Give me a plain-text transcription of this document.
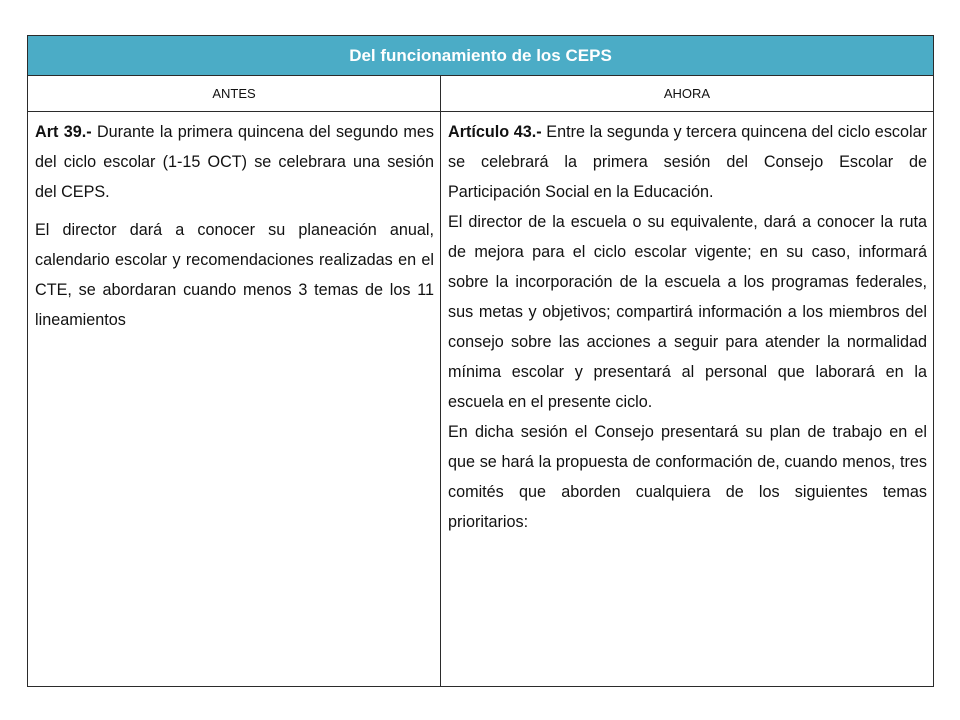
Del funcionamiento de los CEPS
ANTES	AHORA

Art 39.- Durante la primera quincena del segundo mes del ciclo escolar (1-15 OCT) se celebrara una sesión del CEPS.

El director dará a conocer su planeación anual, calendario escolar y recomendaciones realizadas en el CTE, se abordaran cuando menos 3 temas de los 11 lineamientos

Artículo 43.- Entre la segunda y tercera quincena del ciclo escolar se celebrará la primera sesión del Consejo Escolar de Participación Social en la Educación.

El director de la escuela o su equivalente, dará a conocer la ruta de mejora para el ciclo escolar vigente; en su caso, informará sobre la incorporación de la escuela a los programas federales, sus metas y objetivos; compartirá información a los miembros del consejo sobre las acciones a seguir para atender la normalidad mínima escolar y presentará al personal que laborará en la escuela en el presente ciclo.

En dicha sesión el Consejo presentará su plan de trabajo en el que se hará la propuesta de conformación de, cuando menos, tres comités que aborden cualquiera de los siguientes temas prioritarios:
